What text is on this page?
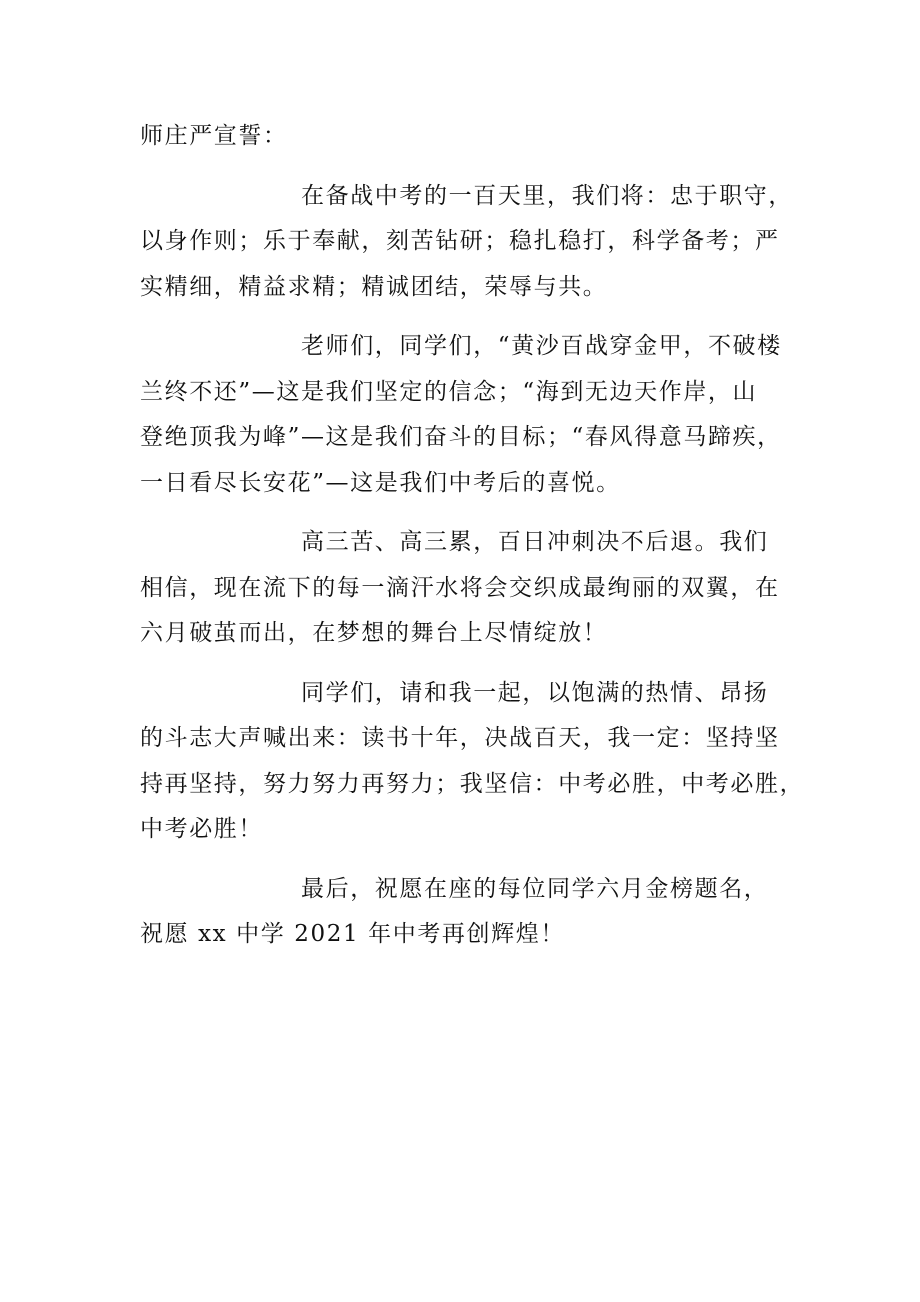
师庄严宣誓：
在备战中考的一百天里，我们将：忠于职守，
以身作则；乐于奉献，刻苦钻研；稳扎稳打，科学备考；严
实精细，精益求精；精诚团结，荣辱与共。
老师们，同学们，“黄沙百战穿金甲，不破楼
兰终不还”—这是我们坚定的信念；“海到无边天作岸，山
登绝顶我为峰”—这是我们奋斗的目标；“春风得意马蹄疾，
一日看尽长安花”—这是我们中考后的喜悦。
高三苦、高三累，百日冲刺决不后退。我们
相信，现在流下的每一滴汗水将会交织成最绚丽的双翼，在
六月破茧而出，在梦想的舞台上尽情绽放！
同学们，请和我一起，以饱满的热情、昂扬
的斗志大声喊出来：读书十年，决战百天，我一定：坚持坚
持再坚持，努力努力再努力；我坚信：中考必胜，中考必胜，
中考必胜！
最后，祝愿在座的每位同学六月金榜题名，
祝愿 xx 中学 2021 年中考再创辉煌！
